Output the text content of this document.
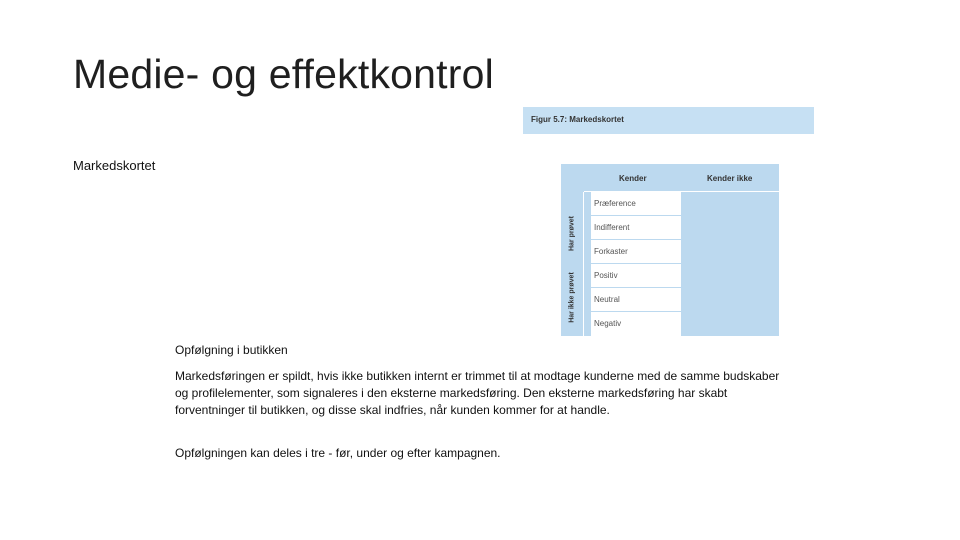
Medie- og effektkontrol

Markedskortet

Figur 5.7: Markedskortet
Kender	Kender ikke
Har prøvet
Har ikke prøvet
Præference
Indifferent
Forkaster
Positiv
Neutral
Negativ

Opfølgning i butikken

Markedsføringen er spildt, hvis ikke butikken internt er trimmet til at modtage kunderne med de samme budskaber og profilelementer, som signaleres i den eksterne markedsføring. Den eksterne markedsføring har skabt forventninger til butikken, og disse skal indfries, når kunden kommer for at handle.

Opfølgningen kan deles i tre - før, under og efter kampagnen.
